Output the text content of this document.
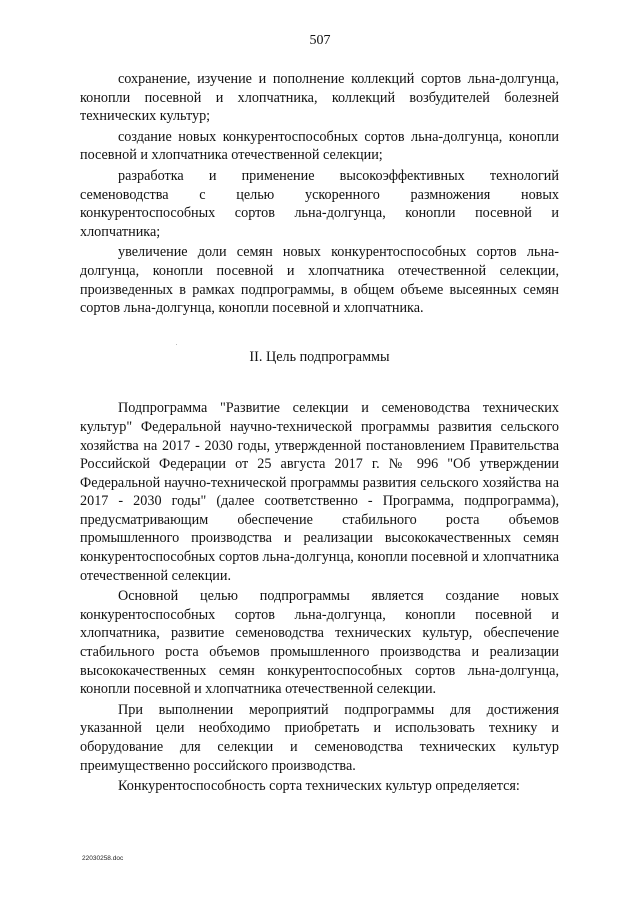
507

сохранение, изучение и пополнение коллекций сортов льна-долгунца, конопли посевной и хлопчатника, коллекций возбудителей болезней технических культур;

создание новых конкурентоспособных сортов льна-долгунца, конопли посевной и хлопчатника отечественной селекции;

разработка и применение высокоэффективных технологий семеноводства с целью ускоренного размножения новых конкурентоспособных сортов льна-долгунца, конопли посевной и хлопчатника;

увеличение доли семян новых конкурентоспособных сортов льна-долгунца, конопли посевной и хлопчатника отечественной селекции, произведенных в рамках подпрограммы, в общем объеме высеянных семян сортов льна-долгунца, конопли посевной и хлопчатника.

II. Цель подпрограммы

Подпрограмма "Развитие селекции и семеноводства технических культур" Федеральной научно-технической программы развития сельского хозяйства на 2017 - 2030 годы, утвержденной постановлением Правительства Российской Федерации от 25 августа 2017 г. № 996 "Об утверждении Федеральной научно-технической программы развития сельского хозяйства на 2017 - 2030 годы" (далее соответственно - Программа, подпрограмма), предусматривающим обеспечение стабильного роста объемов промышленного производства и реализации высококачественных семян конкурентоспособных сортов льна-долгунца, конопли посевной и хлопчатника отечественной селекции.

Основной целью подпрограммы является создание новых конкурентоспособных сортов льна-долгунца, конопли посевной и хлопчатника, развитие семеноводства технических культур, обеспечение стабильного роста объемов промышленного производства и реализации высококачественных семян конкурентоспособных сортов льна-долгунца, конопли посевной и хлопчатника отечественной селекции.

При выполнении мероприятий подпрограммы для достижения указанной цели необходимо приобретать и использовать технику и оборудование для селекции и семеноводства технических культур преимущественно российского производства.

Конкурентоспособность сорта технических культур определяется:

22030258.doc
